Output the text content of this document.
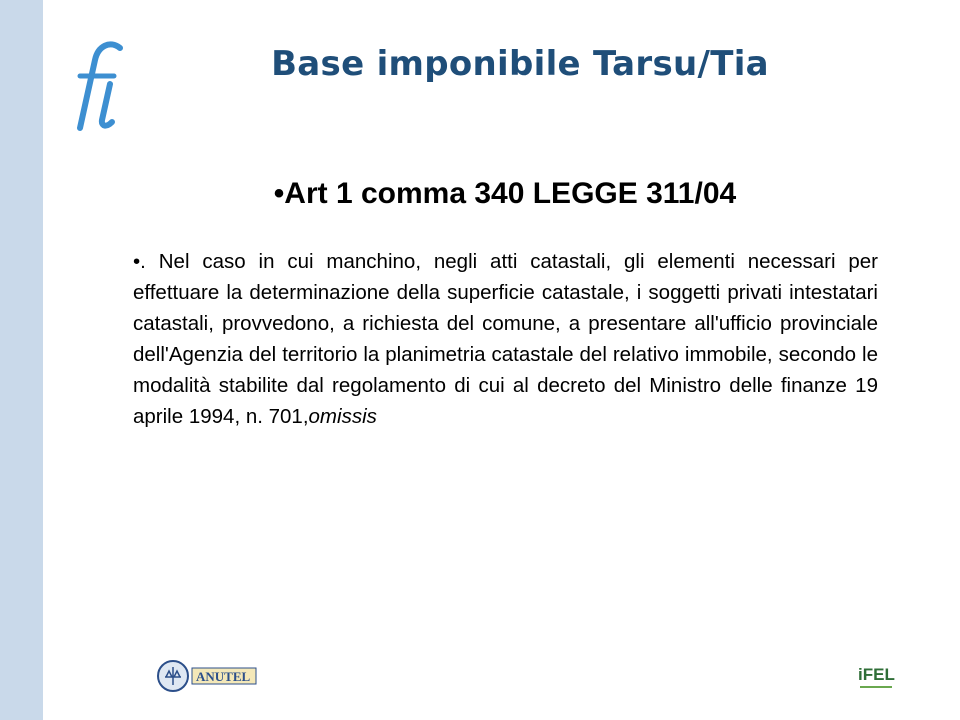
Base imponibile Tarsu/Tia
•Art 1 comma 340 LEGGE 311/04
•. Nel caso in cui manchino, negli atti catastali, gli elementi necessari per effettuare la determinazione della superficie catastale, i soggetti privati intestatari catastali, provvedono, a richiesta del comune, a presentare all'ufficio provinciale dell'Agenzia del territorio la planimetria catastale del relativo immobile, secondo le modalità stabilite dal regolamento di cui al decreto del Ministro delle finanze 19 aprile 1994, n. 701,omissis
ANUTEL	iFEL
